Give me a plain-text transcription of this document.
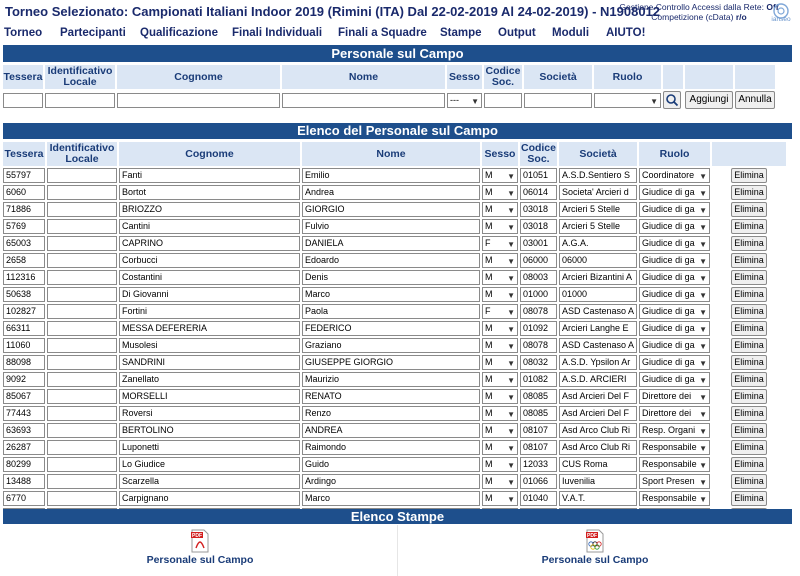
Torneo Selezionato: Campionati Italiani Indoor 2019 (Rimini (ITA) Dal 22-02-2019 Al 24-02-2019) - N1908012
Gestione Controllo Accessi dalla Rete: Off
Competizione (cData) r/o	ianseo
Torneo Partecipanti Qualificazione Finali Individuali Finali a Squadre Stampe Output Moduli AIUTO!
Personale sul Campo
Tessera	Identificativo Locale	Cognome	Nome	Sesso	Codice Soc.	Società	Ruolo			

				--- ▼			▼		Aggiungi	Annulla
Elenco del Personale sul Campo
Tessera	Identificativo Locale	Cognome	Nome	Sesso	Codice Soc.	Società	Ruolo	

55797		Fanti	Emilio	M ▼	01051	A.S.D.Sentiero S	Coordinatore ▼	Elimina

6060		Bortot	Andrea	M ▼	06014	Societa' Arcieri d	Giudice di ga ▼	Elimina

71886		BRIOZZO	GIORGIO	M ▼	03018	Arcieri 5 Stelle	Giudice di ga ▼	Elimina

5769		Cantini	Fulvio	M ▼	03018	Arcieri 5 Stelle	Giudice di ga ▼	Elimina

65003		CAPRINO	DANIELA	F ▼	03001	A.G.A.	Giudice di ga ▼	Elimina

2658		Corbucci	Edoardo	M ▼	06000	06000	Giudice di ga ▼	Elimina

112316		Costantini	Denis	M ▼	08003	Arcieri Bizantini A	Giudice di ga ▼	Elimina

50638		Di Giovanni	Marco	M ▼	01000	01000	Giudice di ga ▼	Elimina

102827		Fortini	Paola	F ▼	08078	ASD Castenaso A	Giudice di ga ▼	Elimina

66311		MESSA DEFERERIA	FEDERICO	M ▼	01092	Arcieri Langhe E	Giudice di ga ▼	Elimina

11060		Musolesi	Graziano	M ▼	08078	ASD Castenaso A	Giudice di ga ▼	Elimina

88098		SANDRINI	GIUSEPPE GIORGIO	M ▼	08032	A.S.D. Ypsilon Ar	Giudice di ga ▼	Elimina

9092		Zanellato	Maurizio	M ▼	01082	A.S.D. ARCIERI	Giudice di ga ▼	Elimina

85067		MORSELLI	RENATO	M ▼	08085	Asd Arcieri Del F	Direttore dei ▼	Elimina

77443		Roversi	Renzo	M ▼	08085	Asd Arcieri Del F	Direttore dei ▼	Elimina

63693		BERTOLINO	ANDREA	M ▼	08107	Asd Arco Club Ri	Resp. Organi ▼	Elimina

26287		Luponetti	Raimondo	M ▼	08107	Asd Arco Club Ri	Responsabile ▼	Elimina

80299		Lo Giudice	Guido	M ▼	12033	CUS Roma	Responsabile ▼	Elimina

13488		Scarzella	Ardingo	M ▼	01066	Iuvenilia	Sport Presen ▼	Elimina

6770		Carpignano	Marco	M ▼	01040	V.A.T.	Responsabile ▼	Elimina

Elenco Stampe
PDF
Personale sul Campo
PDF
Personale sul Campo
